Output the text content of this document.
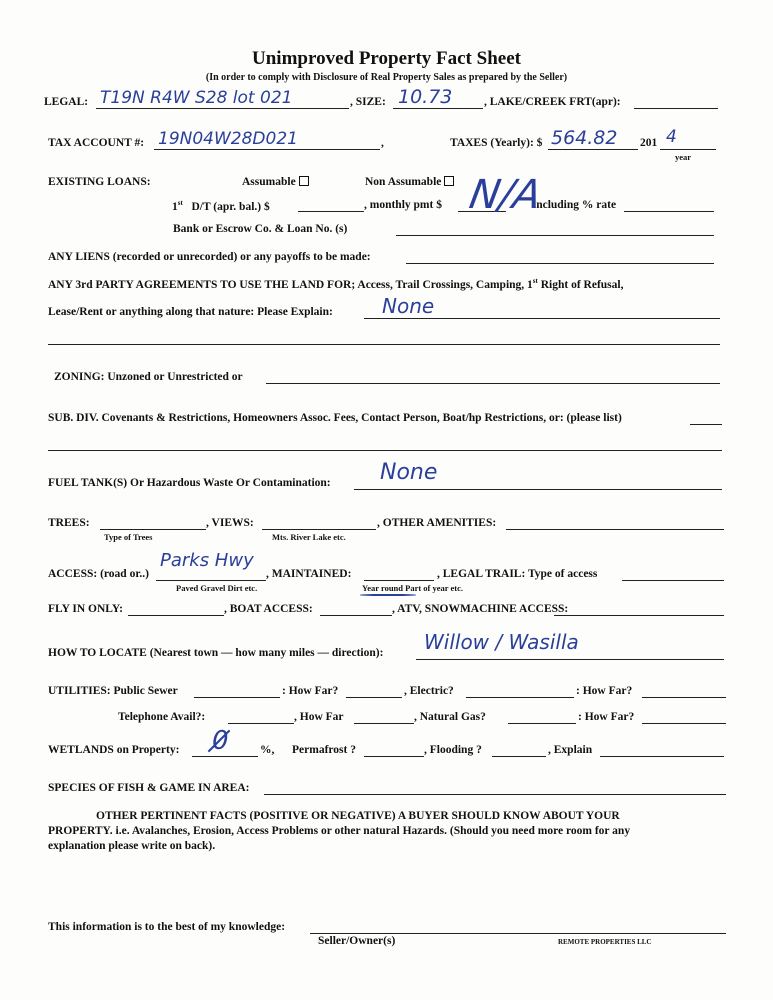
Unimproved Property Fact Sheet
(In order to comply with Disclosure of Real Property Sales as prepared by the Seller)
LEGAL: T19N R4W S28 lot 021	, SIZE: 10.73	, LAKE/CREEK FRT(apr):
TAX ACCOUNT #: 19N04W28D021	,	TAXES (Yearly): $ 564.82 201 4
year
EXISTING LOANS:	Assumable	Non Assumable
1st D/T (apr. bal.) $	, monthly pmt $	including % rate
N/A
Bank or Escrow Co. & Loan No. (s)
ANY LIENS (recorded or unrecorded) or any payoffs to be made:
ANY 3rd PARTY AGREEMENTS TO USE THE LAND FOR; Access, Trail Crossings, Camping, 1st Right of Refusal,
Lease/Rent or anything along that nature: Please Explain: None
ZONING: Unzoned or Unrestricted or
SUB. DIV. Covenants & Restrictions, Homeowners Assoc. Fees, Contact Person, Boat/hp Restrictions, or: (please list)
FUEL TANK(S) Or Hazardous Waste Or Contamination: None
TREES:	, VIEWS:	, OTHER AMENITIES:
Type of Trees	Mts. River Lake etc.
ACCESS: (road or..)
Parks Hwy
, MAINTAINED:	, LEGAL TRAIL: Type of access
Paved Gravel Dirt etc.	Year round Part of year etc.
FLY IN ONLY:	, BOAT ACCESS:	, ATV, SNOWMACHINE ACCESS:
HOW TO LOCATE (Nearest town — how many miles — direction): Willow / Wasilla
UTILITIES: Public Sewer	: How Far?	, Electric?	: How Far?
Telephone Avail?:	, How Far	, Natural Gas?	: How Far?
WETLANDS on Property: 0	%, Permafrost ?	, Flooding ?	, Explain
SPECIES OF FISH & GAME IN AREA:
OTHER PERTINENT FACTS (POSITIVE OR NEGATIVE) A BUYER SHOULD KNOW ABOUT YOUR
PROPERTY. i.e. Avalanches, Erosion, Access Problems or other natural Hazards. (Should you need more room for any
explanation please write on back).
This information is to the best of my knowledge:
Seller/Owner(s)	REMOTE PROPERTIES LLC
